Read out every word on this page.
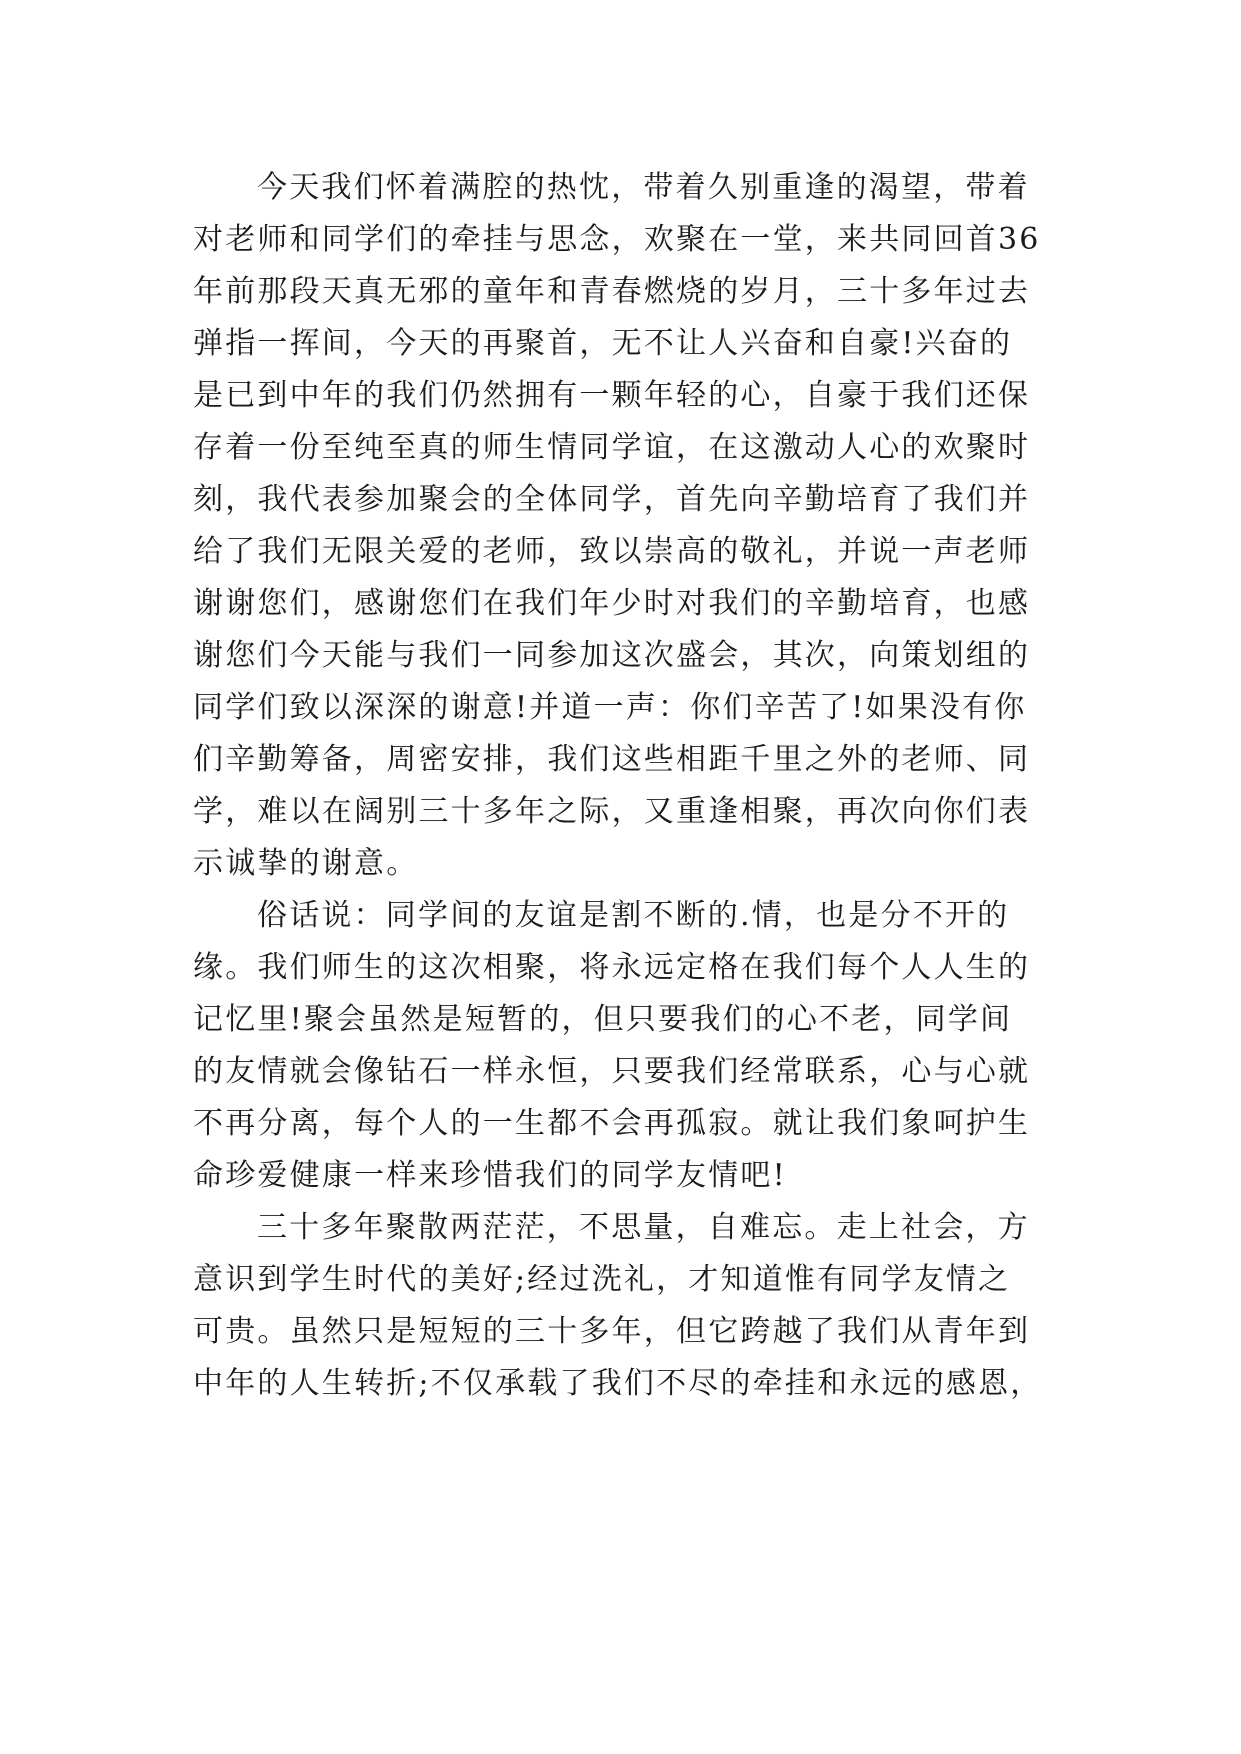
今天我们怀着满腔的热忱，带着久别重逢的渴望，带着
对老师和同学们的牵挂与思念，欢聚在一堂，来共同回首36
年前那段天真无邪的童年和青春燃烧的岁月，三十多年过去
弹指一挥间，今天的再聚首，无不让人兴奋和自豪!兴奋的
是已到中年的我们仍然拥有一颗年轻的心，自豪于我们还保
存着一份至纯至真的师生情同学谊，在这激动人心的欢聚时
刻，我代表参加聚会的全体同学，首先向辛勤培育了我们并
给了我们无限关爱的老师，致以崇高的敬礼，并说一声老师
谢谢您们，感谢您们在我们年少时对我们的辛勤培育，也感
谢您们今天能与我们一同参加这次盛会，其次，向策划组的
同学们致以深深的谢意!并道一声：你们辛苦了!如果没有你
们辛勤筹备，周密安排，我们这些相距千里之外的老师、同
学，难以在阔别三十多年之际，又重逢相聚，再次向你们表
示诚挚的谢意。
俗话说：同学间的友谊是割不断的.情，也是分不开的
缘。我们师生的这次相聚，将永远定格在我们每个人人生的
记忆里!聚会虽然是短暂的，但只要我们的心不老，同学间
的友情就会像钻石一样永恒，只要我们经常联系，心与心就
不再分离，每个人的一生都不会再孤寂。就让我们象呵护生
命珍爱健康一样来珍惜我们的同学友情吧!
三十多年聚散两茫茫，不思量，自难忘。走上社会，方
意识到学生时代的美好;经过洗礼，才知道惟有同学友情之
可贵。虽然只是短短的三十多年，但它跨越了我们从青年到
中年的人生转折;不仅承载了我们不尽的牵挂和永远的感恩，
